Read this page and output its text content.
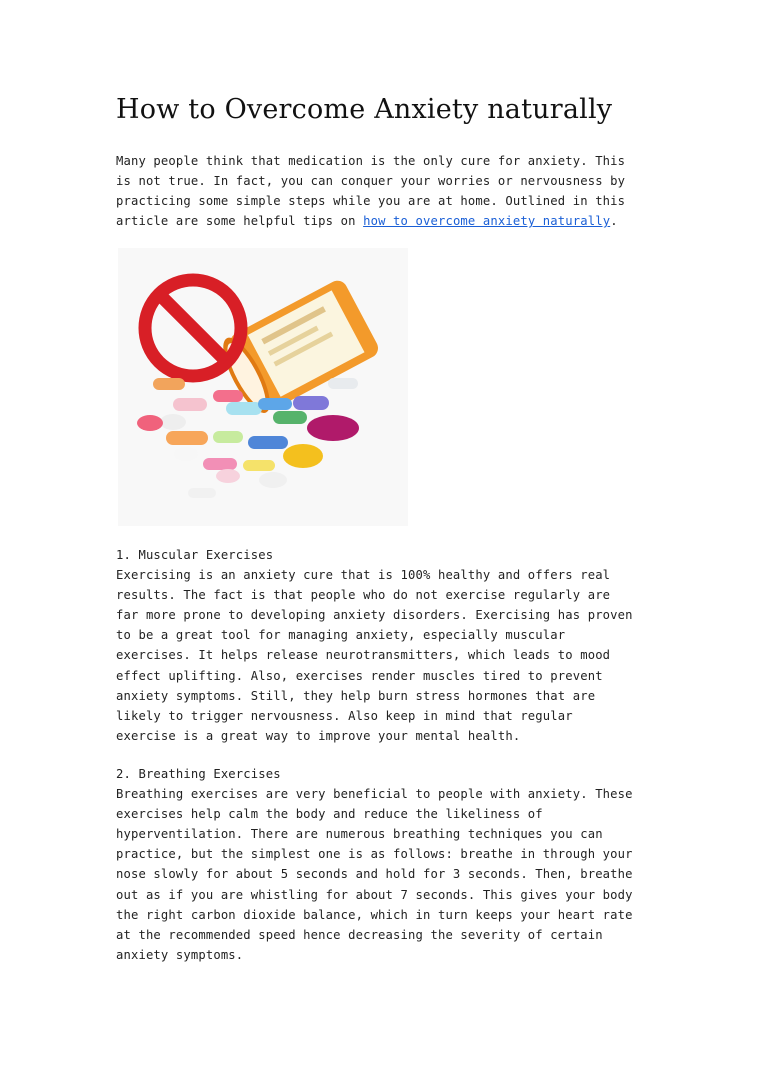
How to Overcome Anxiety naturally
Many people think that medication is the only cure for anxiety. This
is not true. In fact, you can conquer your worries or nervousness by
practicing some simple steps while you are at home. Outlined in this
article are some helpful tips on how to overcome anxiety naturally.
1. Muscular Exercises
Exercising is an anxiety cure that is 100% healthy and offers real
results. The fact is that people who do not exercise regularly are
far more prone to developing anxiety disorders. Exercising has proven
to be a great tool for managing anxiety, especially muscular
exercises. It helps release neurotransmitters, which leads to mood
effect uplifting. Also, exercises render muscles tired to prevent
anxiety symptoms. Still, they help burn stress hormones that are
likely to trigger nervousness. Also keep in mind that regular
exercise is a great way to improve your mental health.
2. Breathing Exercises
Breathing exercises are very beneficial to people with anxiety. These
exercises help calm the body and reduce the likeliness of
hyperventilation. There are numerous breathing techniques you can
practice, but the simplest one is as follows: breathe in through your
nose slowly for about 5 seconds and hold for 3 seconds. Then, breathe
out as if you are whistling for about 7 seconds. This gives your body
the right carbon dioxide balance, which in turn keeps your heart rate
at the recommended speed hence decreasing the severity of certain
anxiety symptoms.
